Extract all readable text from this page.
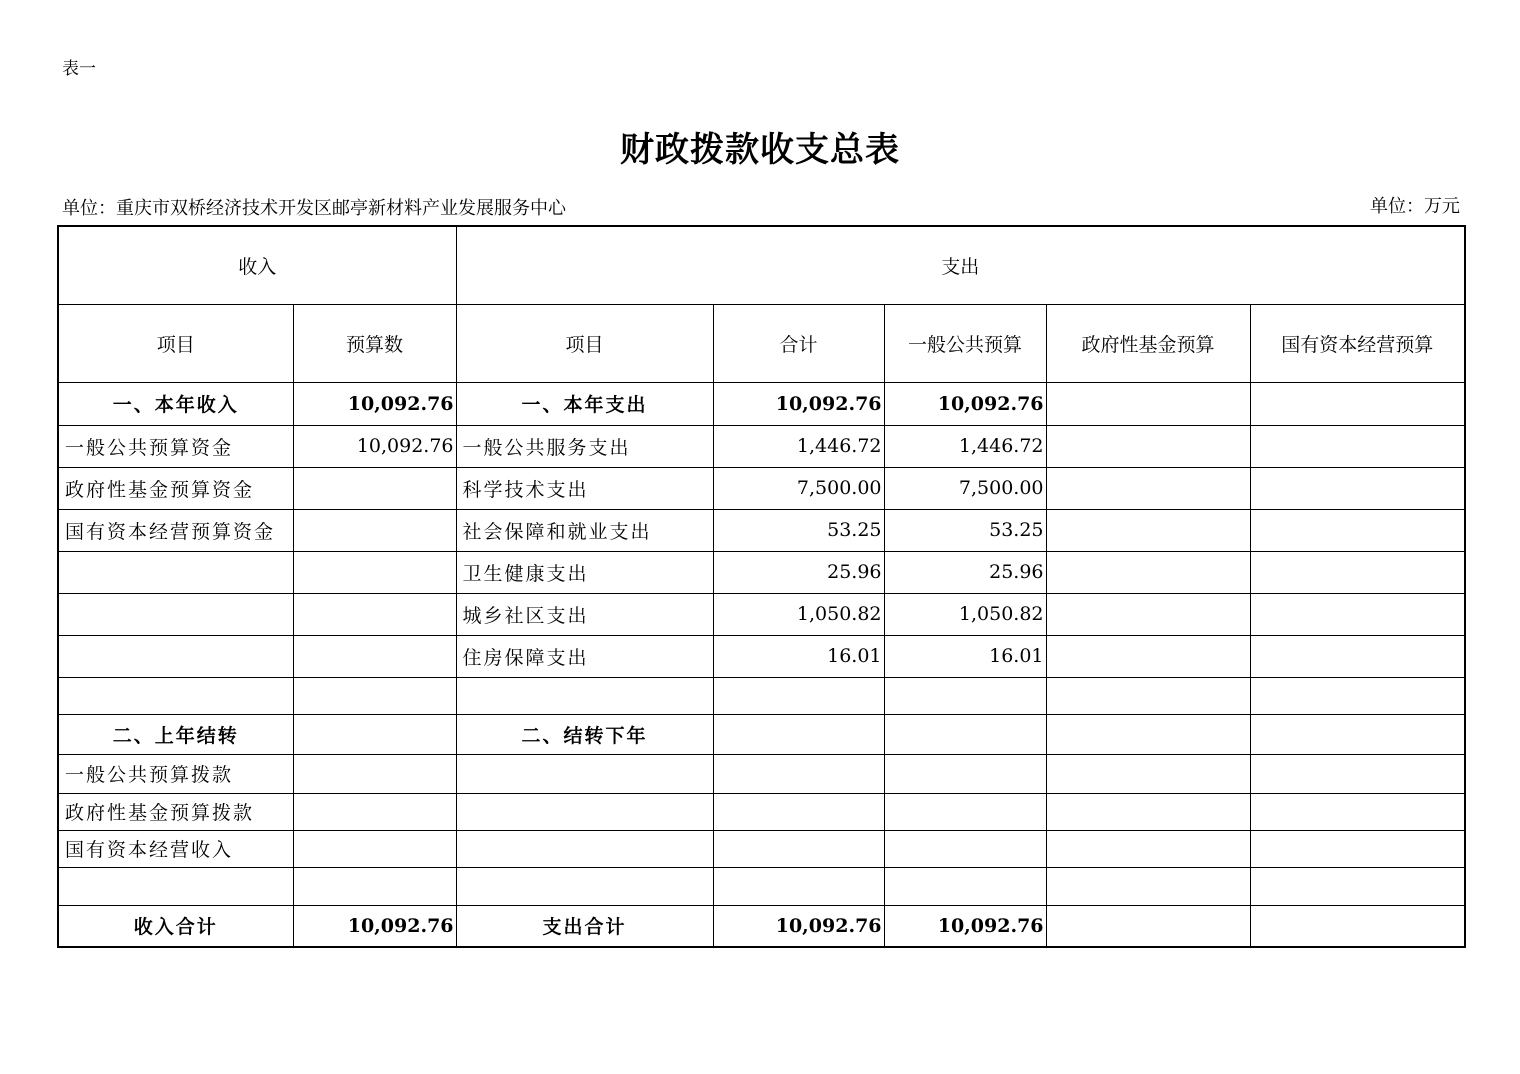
表一
财政拨款收支总表
单位：重庆市双桥经济技术开发区邮亭新材料产业发展服务中心	单位：万元
收入		支出				
项目	预算数	项目	合计	一般公共预算	政府性基金预算	国有资本经营预算
一、本年收入	10,092.76	一、本年支出	10,092.76	10,092.76		
一般公共预算资金	10,092.76	一般公共服务支出	1,446.72	1,446.72		
政府性基金预算资金		科学技术支出	7,500.00	7,500.00		
国有资本经营预算资金		社会保障和就业支出	53.25	53.25		
		卫生健康支出	25.96	25.96		
		城乡社区支出	1,050.82	1,050.82		
		住房保障支出	16.01	16.01		

二、上年结转		二、结转下年				
一般公共预算拨款						
政府性基金预算拨款						
国有资本经营收入						

收入合计	10,092.76	支出合计	10,092.76	10,092.76		
